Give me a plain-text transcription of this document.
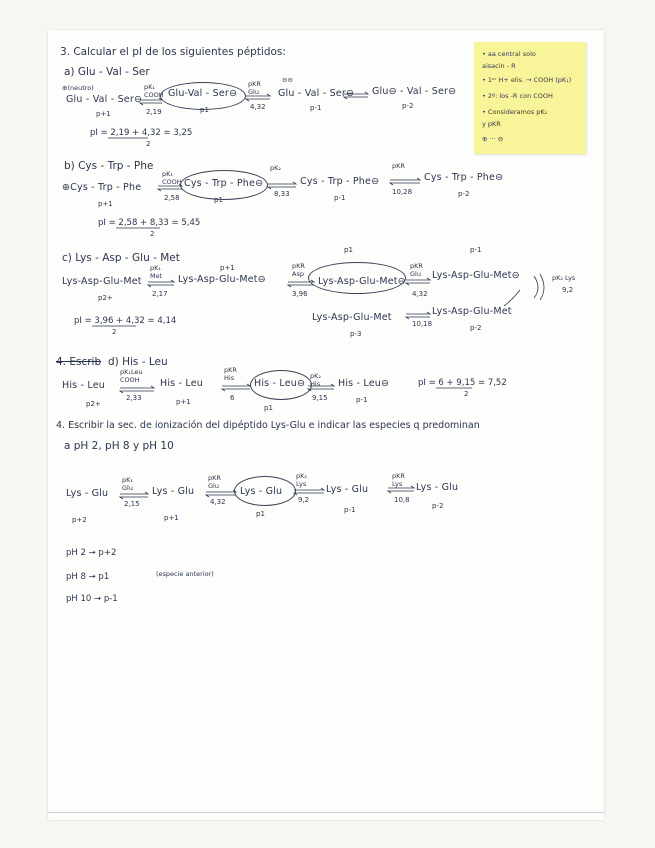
• aa central solo
aisacin - R
• 1ᵉʳ H+ elis. → COOH (pK₁)
• 2º: los -R con COOH
• Consideramos pK₂
y pKR
⊕ ··· ⊖
3. Calcular el pI de los siguientes péptidos:
a) Glu - Val - Ser
⊕(neutro)
Glu - Val - Ser⊖
pK₁
COOH Glu-Val - Ser⊖
pKR
Glu
⊖⊖
Glu - Val - Ser⊖ Glu⊖ - Val - Ser⊖
2,19
4,32
p+1	p1	p-1	p-2
pI = 2,19 + 4,32 = 3,25
2
b) Cys - Trp - Phe
⊕Cys - Trp - Phe
pK₁
COOH Cys - Trp - Phe⊖
pK₂
Cys - Trp - Phe⊖
pKR
Cys - Trp - Phe⊖
2,58	8,33	10,28
p+1	p1	p-1	p-2
pI = 2,58 + 8,33 = 5,45
2
c) Lys - Asp - Glu - Met
Lys-Asp-Glu-Met
pK₁
Met Lys-Asp-Glu-Met⊖
pKR
Asp
Lys-Asp-Glu-Met⊖
pKR
Glu Lys-Asp-Glu-Met⊖
Lys-Asp-Glu-Met
Lys-Asp-Glu-Met
pK₂ Lys
2,17	3,96	4,32
10,18
9,2
p2+
p+1
p1	p-1
p-3
p-2
pI = 3,96 + 4,32 = 4,14
2
4. Escrib d) His - Leu
His - Leu
pK₁Leu
COOH	His - Leu
pKR
His His - Leu⊖
pK₂
His His - Leu⊖
2,33	6	9,15
p2+	p+1
p1
p-1
pI = 6 + 9,15 = 7,52
2
4. Escribir la sec. de ionización del dipéptido Lys-Glu e indicar las especies q predominan
a pH 2, pH 8 y pH 10
Lys - Glu
pK₁
Glu Lys - Glu
pKR
Glu Lys - Glu
pK₂
Lys Lys - Glu
pKR
Lys Lys - Glu
2,15	4,32	9,2	10,8
p+2	p+1	p1	p-1	p-2
pH 2 → p+2
pH 8 → p1	(especie anterior)
pH 10 → p-1
